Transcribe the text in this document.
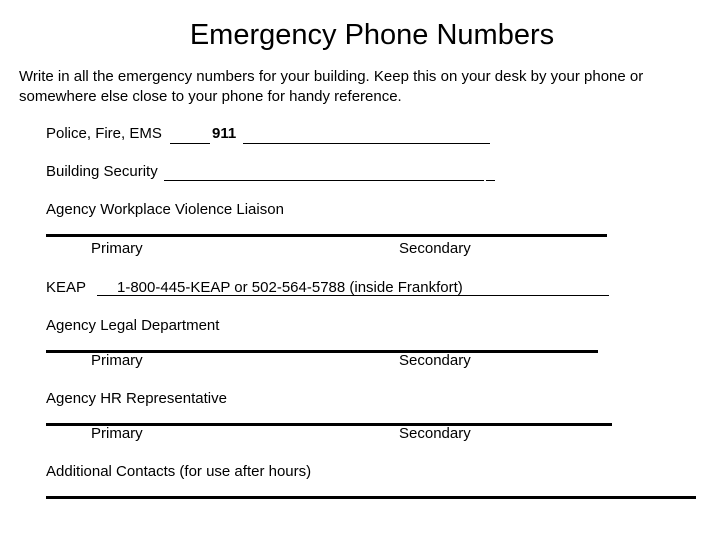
Emergency Phone Numbers
Write in all the emergency numbers for your building. Keep this on your desk by your phone or
somewhere else close to your phone for handy reference.
Police, Fire, EMS	911
Building Security
Agency Workplace Violence Liaison
Primary	Secondary
KEAP 1-800-445-KEAP or 502-564-5788 (inside Frankfort)
Agency Legal Department
Primary	Secondary
Agency HR Representative
Primary	Secondary
Additional Contacts (for use after hours)
